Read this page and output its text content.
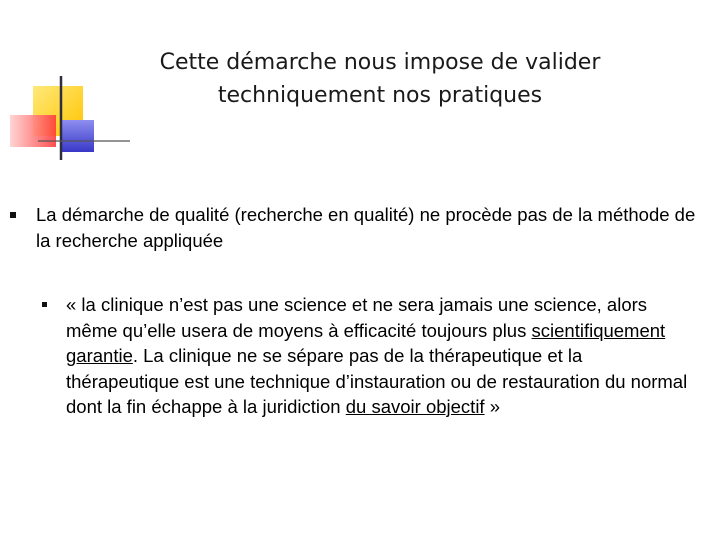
Cette démarche nous impose de valider
techniquement nos pratiques
La démarche de qualité (recherche en qualité) ne procède pas de la méthode de la recherche appliquée
« la clinique n’est pas une science et ne sera jamais une science, alors même qu’elle usera de moyens à efficacité toujours plus scientifiquement garantie. La clinique ne se sépare pas de la thérapeutique et la thérapeutique est une technique d’instauration ou de restauration du normal dont la fin échappe à la juridiction du savoir objectif »
